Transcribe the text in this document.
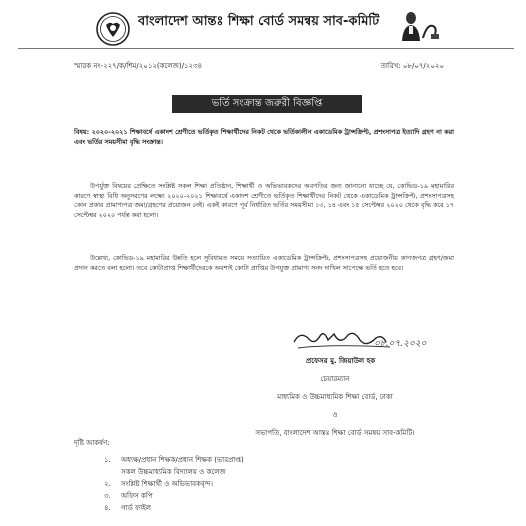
বাংলাদেশ আন্তঃ শিক্ষা বোর্ড সমন্বয় সাব-কমিটি
স্মারক নং-২২৭/ক/শিম/২০১২(কলেজ)/১২৩৪	তারিখ: ০৮/০৭/২০২০
ভর্তি সংক্রান্ত জরুরী বিজ্ঞপ্তি
বিষয়: ২০২০-২০২১ শিক্ষাবর্ষে একাদশ শ্রেণীতে ভর্তিকৃত শিক্ষার্থীদের নিকট থেকে ভর্তিকালীন একাডেমিক ট্রান্সক্রিপ্ট, প্রশংসাপত্র ইত্যাদি গ্রহণ না করা এবং ভর্তির সময়সীমা বৃদ্ধি সংক্রান্ত।
উপর্যুক্ত বিষয়ের প্রেক্ষিতে সংশ্লিষ্ট সকল শিক্ষা প্রতিষ্ঠান, শিক্ষার্থী ও অভিভাবকদের অবগতির জন্য জানানো যাচ্ছে যে, কোভিড-১৯ মহামারির কারণে স্বাস্থ্য বিধি অনুসরণের লক্ষ্যে ২০২০-২০২১ শিক্ষাবর্ষে একাদশ শ্রেণীতে ভর্তিকৃত শিক্ষার্থীদের নিকট থেকে একাডেমিক ট্রান্সক্রিপ্ট, প্রশংসাপত্রসহ কোন প্রকার প্রামাণ্যপত্র জমা/গ্রহণের প্রয়োজন নেই। একই কারণে পূর্ব নির্ধারিত ভর্তির সময়সীমা ১৩, ১৪ এবং ১৫ সেপ্টেম্বর ২০২০ থেকে বৃদ্ধি করে ১৭ সেপ্টেম্বর ২০২০ পর্যন্ত করা হলো।
উল্লেখ্য, কোভিড-১৯ মহামারির উন্নতি হলে সুবিধামত সময়ে সত্যায়িত একাডেমিক ট্রান্সক্রিপ্ট, প্রশংসাপত্রসহ প্রয়োজনীয় কাগজপত্র গ্রহণ/জমা প্রদান করতে বলা হলো। তবে কোটাপ্রাপ্ত শিক্ষার্থীদেরকে অবশ্যই কোটা প্রাপ্তির উপযুক্ত প্রামাণ্য সনদ দাখিল সাপেক্ষে ভর্তি হতে হবে।
০৮.০৭.২০২০
প্রফেসর মু. জিয়াউল হক
চেয়ারম্যান
মাধ্যমিক ও উচ্চমাধ্যমিক শিক্ষা বোর্ড, ঢাকা
ও
সভাপতি, বাংলাদেশ আন্তঃ শিক্ষা বোর্ড সমন্বয় সাব-কমিটি।
দৃষ্টি আকর্ষণ:
১. অধ্যক্ষ/প্রধান শিক্ষক/প্রধান শিক্ষক (ভারপ্রাপ্ত)
সকল উচ্চমাধ্যমিক বিদ্যালয় ও কলেজ
২. সংশ্লিষ্ট শিক্ষার্থী ও অভিভাবকবৃন্দ।
৩. অফিস কপি
৪. গার্ড ফাইল
